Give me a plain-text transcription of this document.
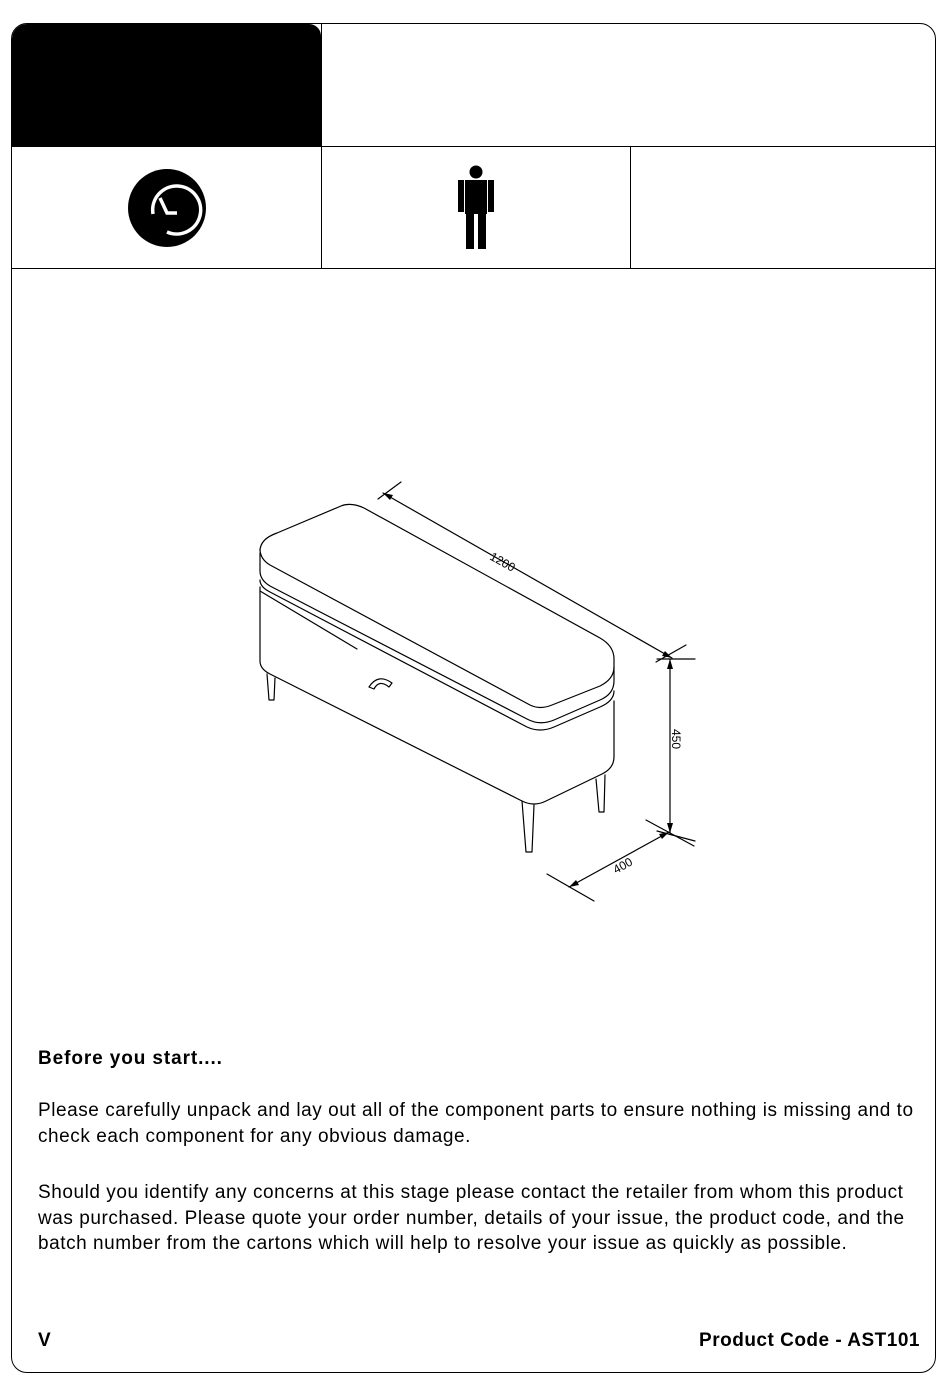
1200
450
400

Before you start....

Please carefully unpack and lay out all of the component parts to ensure nothing is missing and to check each component for any obvious damage.

Should you identify any concerns at this stage please contact the retailer from whom this product was purchased. Please quote your order number, details of your issue, the product code, and the batch number from the cartons which will help to resolve your issue as quickly as possible.

V	Product Code - AST101
